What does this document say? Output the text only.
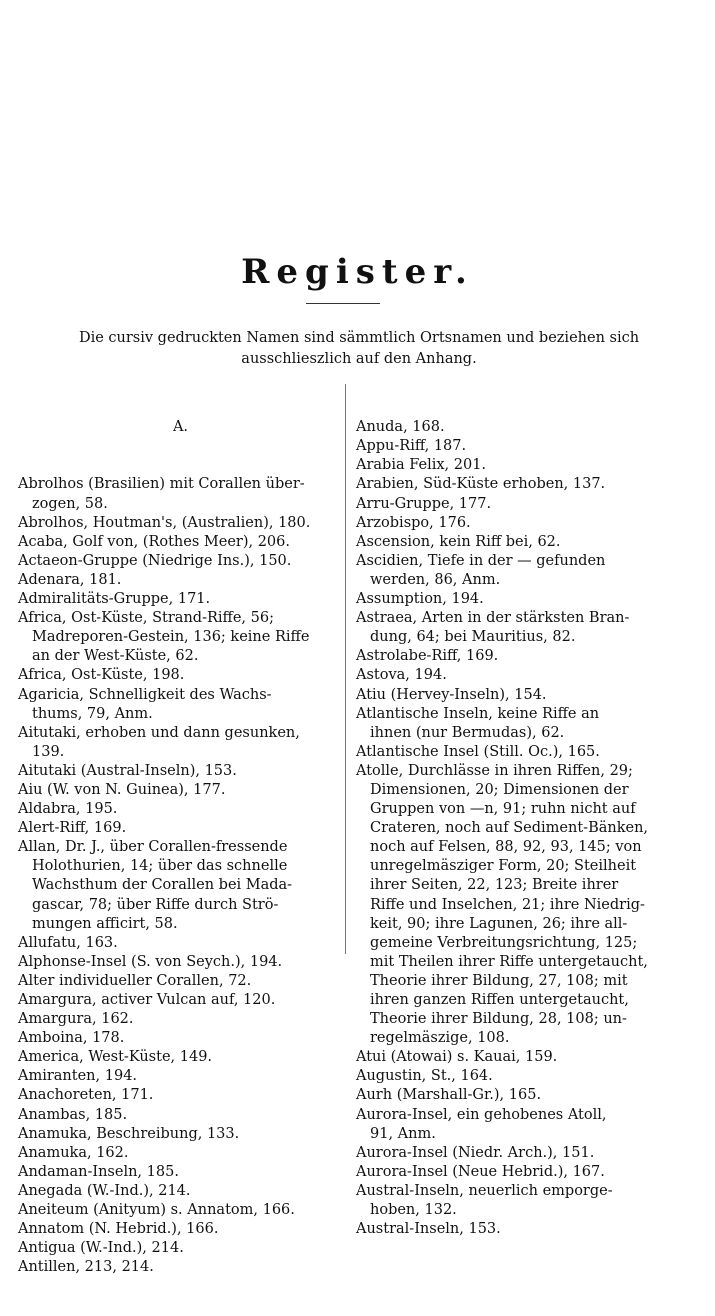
Register.
Die cursiv gedruckten Namen sind sämmtlich Ortsnamen und beziehen sich
ausschlieszlich auf den Anhang.

A.

Abrolhos (Brasilien) mit Corallen über-
zogen, 58.
Abrolhos, Houtman's, (Australien), 180.
Acaba, Golf von, (Rothes Meer), 206.
Actaeon-Gruppe (Niedrige Ins.), 150.
Adenara, 181.
Admiralitäts-Gruppe, 171.
Africa, Ost-Küste, Strand-Riffe, 56;
Madreporen-Gestein, 136; keine Riffe
an der West-Küste, 62.
Africa, Ost-Küste, 198.
Agaricia, Schnelligkeit des Wachs-
thums, 79, Anm.
Aitutaki, erhoben und dann gesunken,
139.
Aitutaki (Austral-Inseln), 153.
Aiu (W. von N. Guinea), 177.
Aldabra, 195.
Alert-Riff, 169.
Allan, Dr. J., über Corallen-fressende
Holothurien, 14; über das schnelle
Wachsthum der Corallen bei Mada-
gascar, 78; über Riffe durch Strö-
mungen afficirt, 58.
Allufatu, 163.
Alphonse-Insel (S. von Seych.), 194.
Alter individueller Corallen, 72.
Amargura, activer Vulcan auf, 120.
Amargura, 162.
Amboina, 178.
America, West-Küste, 149.
Amiranten, 194.
Anachoreten, 171.
Anambas, 185.
Anamuka, Beschreibung, 133.
Anamuka, 162.
Andaman-Inseln, 185.
Anegada (W.-Ind.), 214.
Aneiteum (Anityum) s. Annatom, 166.
Annatom (N. Hebrid.), 166.
Antigua (W.-Ind.), 214.
Antillen, 213, 214.

Anuda, 168.
Appu-Riff, 187.
Arabia Felix, 201.
Arabien, Süd-Küste erhoben, 137.
Arru-Gruppe, 177.
Arzobispo, 176.
Ascension, kein Riff bei, 62.
Ascidien, Tiefe in der — gefunden
werden, 86, Anm.
Assumption, 194.
Astraea, Arten in der stärksten Bran-
dung, 64; bei Mauritius, 82.
Astrolabe-Riff, 169.
Astova, 194.
Atiu (Hervey-Inseln), 154.
Atlantische Inseln, keine Riffe an
ihnen (nur Bermudas), 62.
Atlantische Insel (Still. Oc.), 165.
Atolle, Durchlässe in ihren Riffen, 29;
Dimensionen, 20; Dimensionen der
Gruppen von —n, 91; ruhn nicht auf
Crateren, noch auf Sediment-Bänken,
noch auf Felsen, 88, 92, 93, 145; von
unregelmäsziger Form, 20; Steilheit
ihrer Seiten, 22, 123; Breite ihrer
Riffe und Inselchen, 21; ihre Niedrig-
keit, 90; ihre Lagunen, 26; ihre all-
gemeine Verbreitungsrichtung, 125;
mit Theilen ihrer Riffe untergetaucht,
Theorie ihrer Bildung, 27, 108; mit
ihren ganzen Riffen untergetaucht,
Theorie ihrer Bildung, 28, 108; un-
regelmäszige, 108.
Atui (Atowai) s. Kauai, 159.
Augustin, St., 164.
Aurh (Marshall-Gr.), 165.
Aurora-Insel, ein gehobenes Atoll,
91, Anm.
Aurora-Insel (Niedr. Arch.), 151.
Aurora-Insel (Neue Hebrid.), 167.
Austral-Inseln, neuerlich emporge-
hoben, 132.
Austral-Inseln, 153.
